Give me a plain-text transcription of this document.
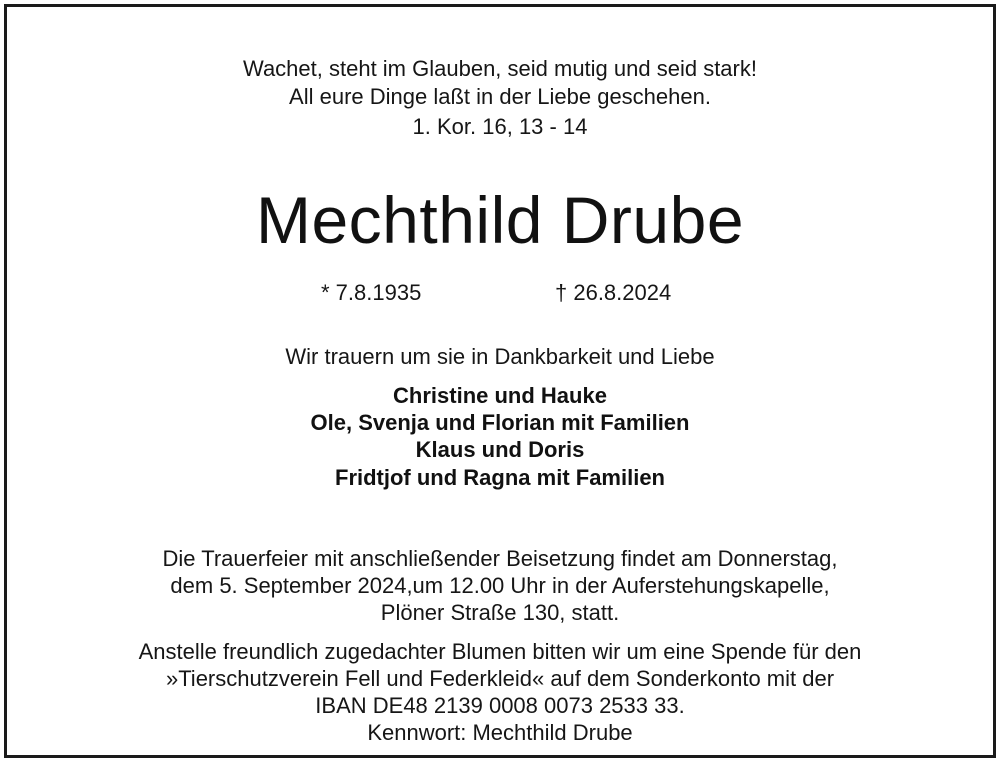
Wachet, steht im Glauben, seid mutig und seid stark!
All eure Dinge laßt in der Liebe geschehen.
1. Kor. 16, 13 - 14
Mechthild Drube
* 7.8.1935	† 26.8.2024
Wir trauern um sie in Dankbarkeit und Liebe
Christine und Hauke
Ole, Svenja und Florian mit Familien
Klaus und Doris
Fridtjof und Ragna mit Familien
Die Trauerfeier mit anschließender Beisetzung findet am Donnerstag,
dem 5. September 2024,um 12.00 Uhr in der Auferstehungskapelle,
Plöner Straße 130, statt.
Anstelle freundlich zugedachter Blumen bitten wir um eine Spende für den
»Tierschutzverein Fell und Federkleid« auf dem Sonderkonto mit der
IBAN DE48 2139 0008 0073 2533 33.
Kennwort: Mechthild Drube
